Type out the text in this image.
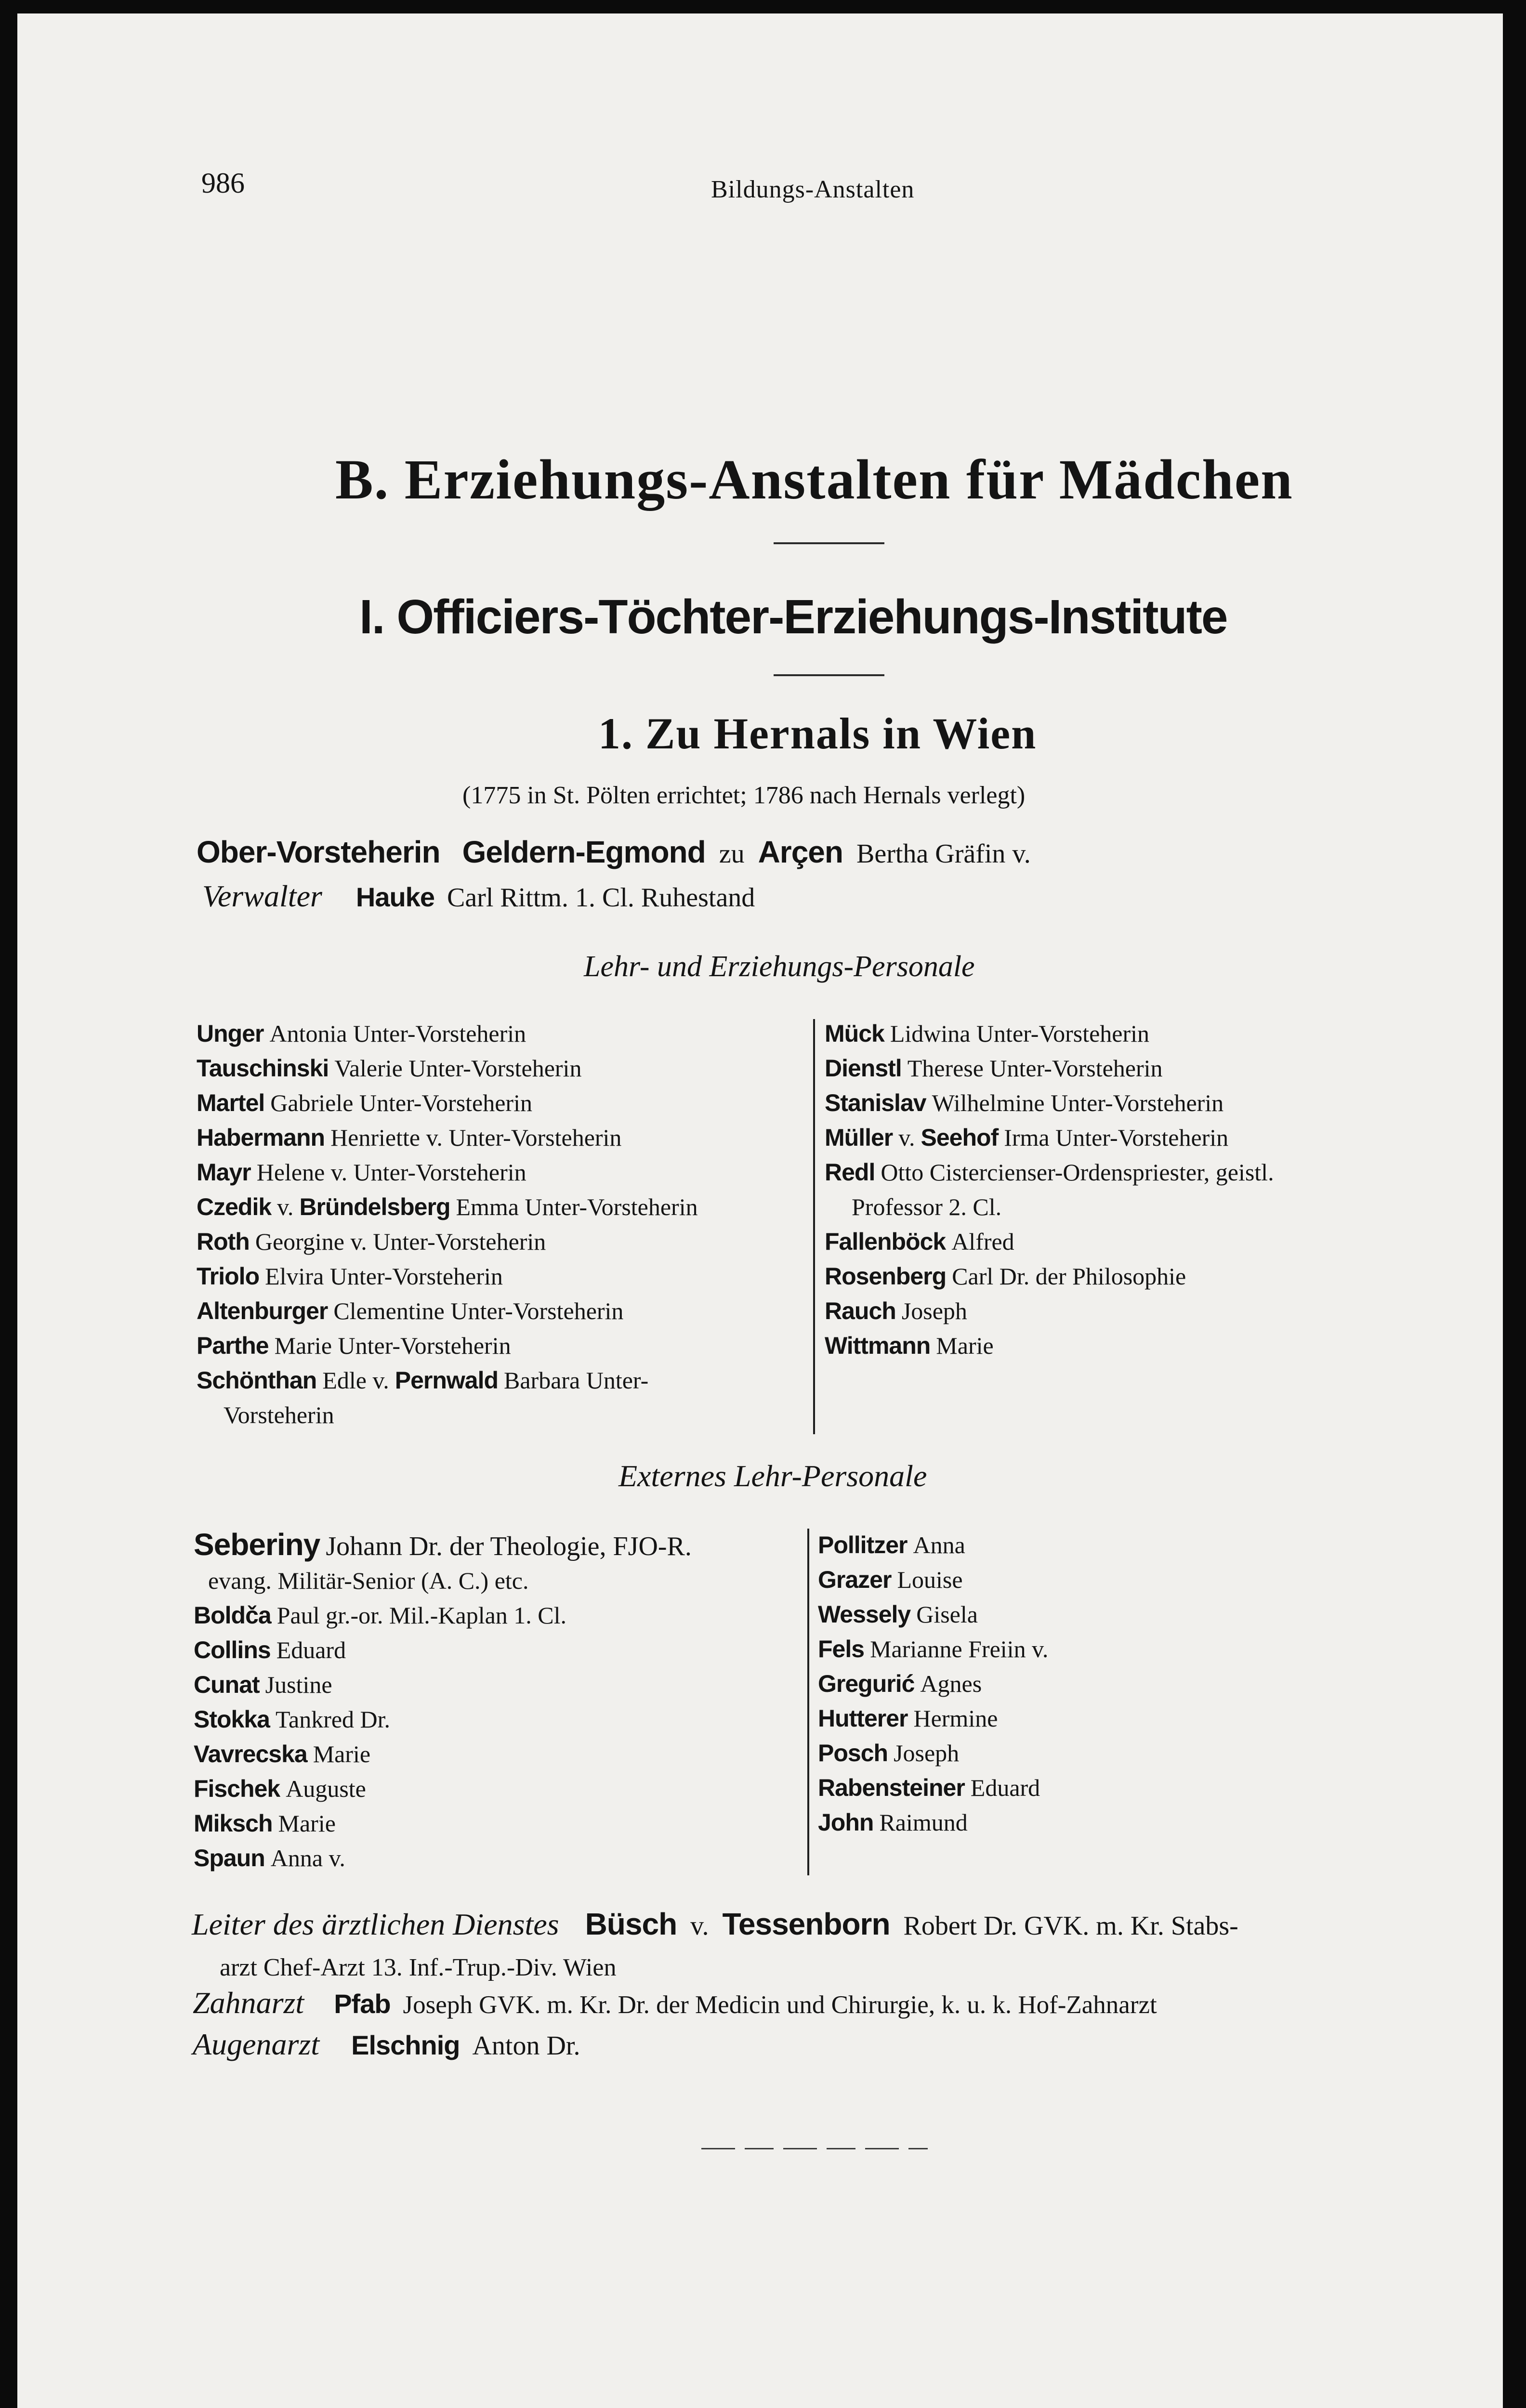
986	Bildungs-Anstalten
B. Erziehungs-Anstalten für Mädchen
I. Officiers-Töchter-Erziehungs-Institute
1. Zu Hernals in Wien
(1775 in St. Pölten errichtet; 1786 nach Hernals verlegt)
Ober-Vorsteherin Geldern-Egmond zu Arçen Bertha Gräfin v.
Verwalter Hauke Carl Rittm. 1. Cl. Ruhestand
Lehr- und Erziehungs-Personale
Unger Antonia Unter-Vorsteherin
Tauschinski Valerie Unter-Vorsteherin
Martel Gabriele Unter-Vorsteherin
Habermann Henriette v. Unter-Vorsteherin
Mayr Helene v. Unter-Vorsteherin
Czedik v. Bründelsberg Emma Unter-Vorsteherin
Roth Georgine v. Unter-Vorsteherin
Triolo Elvira Unter-Vorsteherin
Altenburger Clementine Unter-Vorsteherin
Parthe Marie Unter-Vorsteherin
Schönthan Edle v. Pernwald Barbara Unter-
Vorsteherin
Mück Lidwina Unter-Vorsteherin
Dienstl Therese Unter-Vorsteherin
Stanislav Wilhelmine Unter-Vorsteherin
Müller v. Seehof Irma Unter-Vorsteherin
Redl Otto Cistercienser-Ordenspriester, geistl.
Professor 2. Cl.
Fallenböck Alfred
Rosenberg Carl Dr. der Philosophie
Rauch Joseph
Wittmann Marie
Externes Lehr-Personale
Seberiny Johann Dr. der Theologie, FJO-R.
evang. Militär-Senior (A. C.) etc.
Boldča Paul gr.-or. Mil.-Kaplan 1. Cl.
Collins Eduard
Cunat Justine
Stokka Tankred Dr.
Vavrecska Marie
Fischek Auguste
Miksch Marie
Spaun Anna v.
Pollitzer Anna
Grazer Louise
Wessely Gisela
Fels Marianne Freiin v.
Gregurić Agnes
Hutterer Hermine
Posch Joseph
Rabensteiner Eduard
John Raimund
Leiter des ärztlichen Dienstes Büsch v. Tessenborn Robert Dr. GVK. m. Kr. Stabs-
arzt Chef-Arzt 13. Inf.-Trup.-Div. Wien
Zahnarzt Pfab Joseph GVK. m. Kr. Dr. der Medicin und Chirurgie, k. u. k. Hof-Zahnarzt
Augenarzt Elschnig Anton Dr.
